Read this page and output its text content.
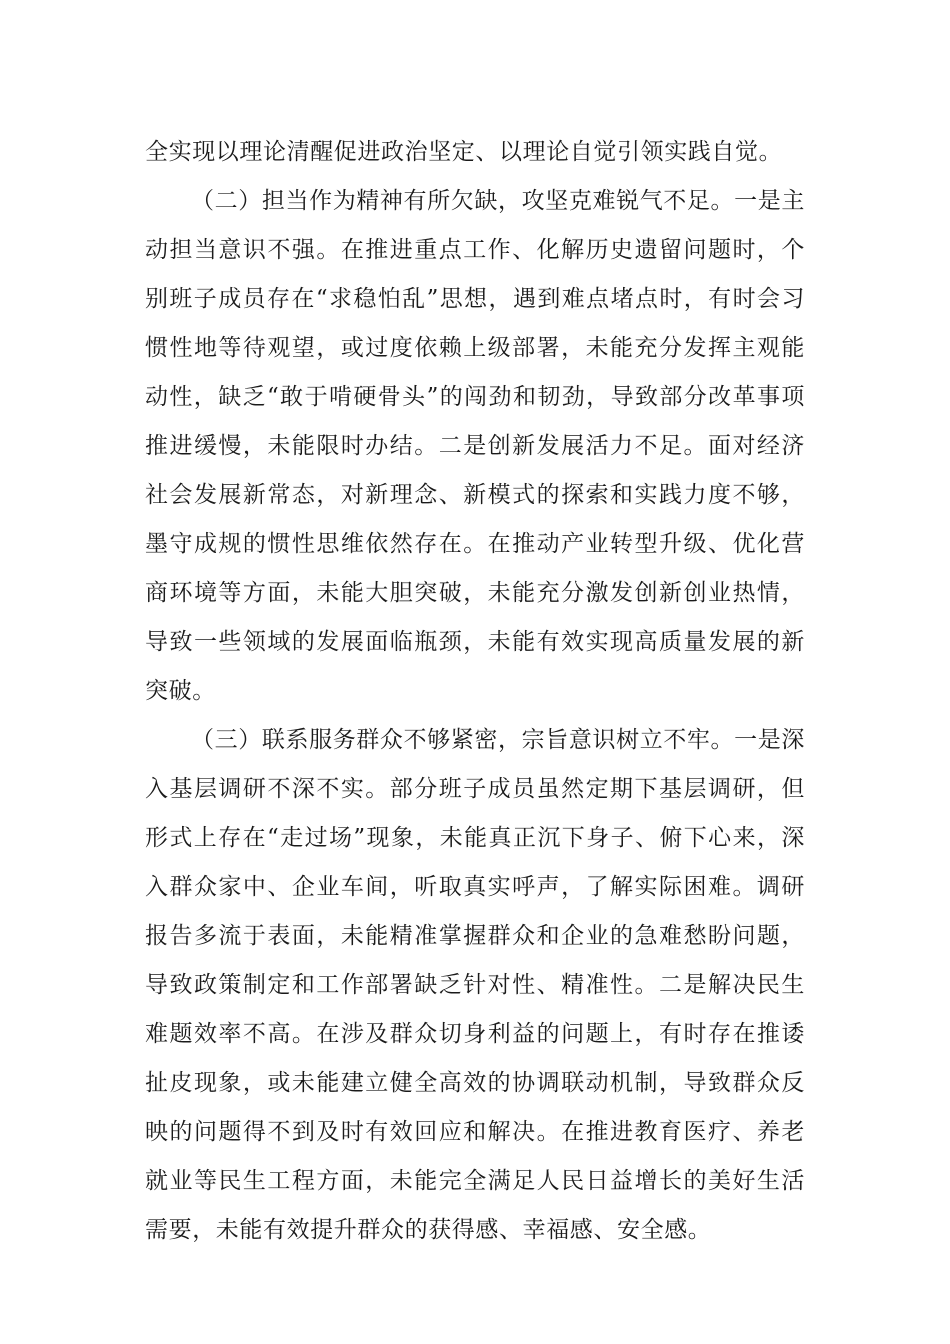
全实现以理论清醒促进政治坚定、以理论自觉引领实践自觉。

（二）担当作为精神有所欠缺，攻坚克难锐气不足。一是主动担当意识不强。在推进重点工作、化解历史遗留问题时，个别班子成员存在“求稳怕乱”思想，遇到难点堵点时，有时会习惯性地等待观望，或过度依赖上级部署，未能充分发挥主观能动性，缺乏“敢于啃硬骨头”的闯劲和韧劲，导致部分改革事项推进缓慢，未能限时办结。二是创新发展活力不足。面对经济社会发展新常态，对新理念、新模式的探索和实践力度不够，墨守成规的惯性思维依然存在。在推动产业转型升级、优化营商环境等方面，未能大胆突破，未能充分激发创新创业热情，导致一些领域的发展面临瓶颈，未能有效实现高质量发展的新突破。

（三）联系服务群众不够紧密，宗旨意识树立不牢。一是深入基层调研不深不实。部分班子成员虽然定期下基层调研，但形式上存在“走过场”现象，未能真正沉下身子、俯下心来，深入群众家中、企业车间，听取真实呼声，了解实际困难。调研报告多流于表面，未能精准掌握群众和企业的急难愁盼问题，导致政策制定和工作部署缺乏针对性、精准性。二是解决民生难题效率不高。在涉及群众切身利益的问题上，有时存在推诿扯皮现象，或未能建立健全高效的协调联动机制，导致群众反映的问题得不到及时有效回应和解决。在推进教育医疗、养老就业等民生工程方面，未能完全满足人民日益增长的美好生活需要，未能有效提升群众的获得感、幸福感、安全感。
